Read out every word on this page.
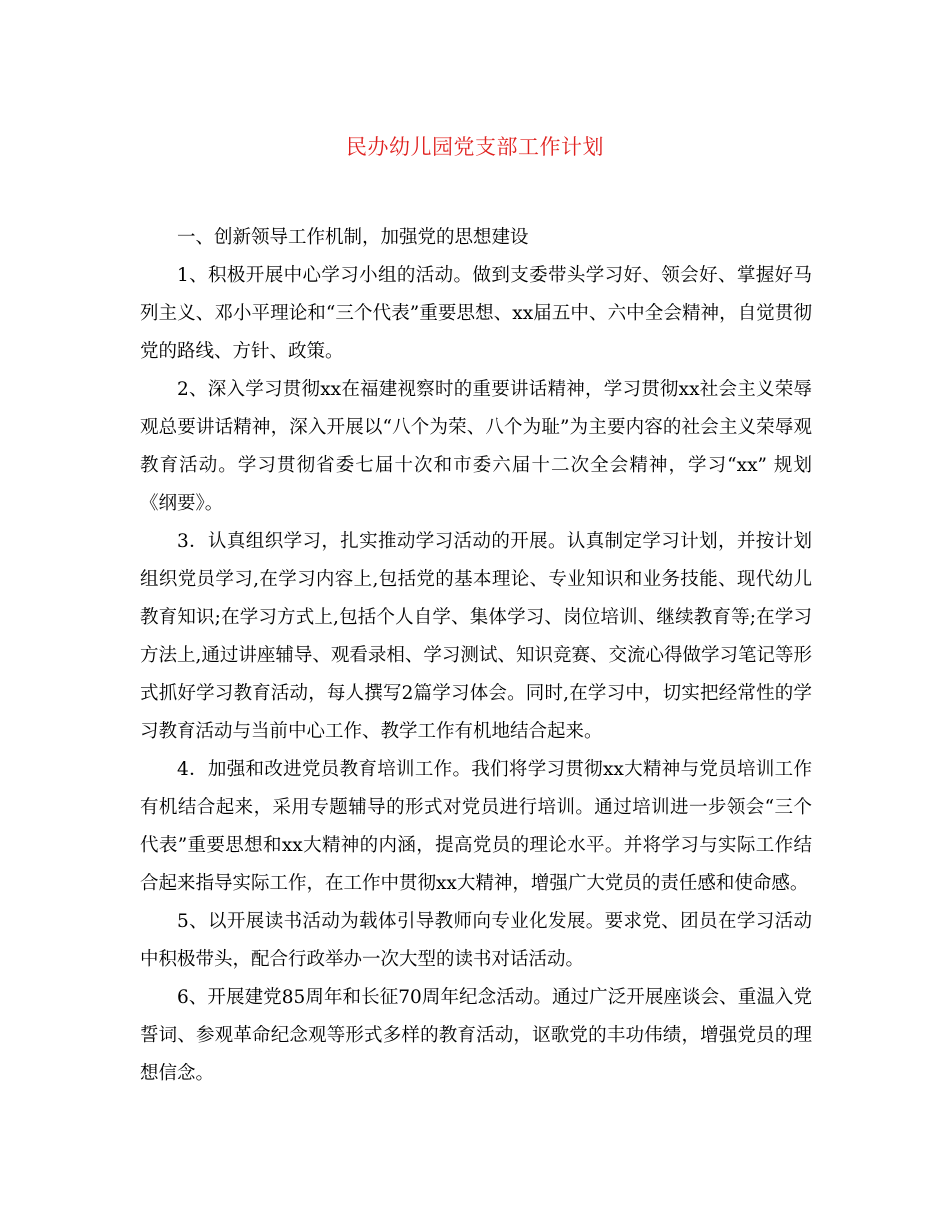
民办幼儿园党支部工作计划

一、创新领导工作机制，加强党的思想建设

1、积极开展中心学习小组的活动。做到支委带头学习好、领会好、掌握好马列主义、邓小平理论和“三个代表”重要思想、xx届五中、六中全会精神，自觉贯彻党的路线、方针、政策。

2、深入学习贯彻xx在福建视察时的重要讲话精神，学习贯彻xx社会主义荣辱观总要讲话精神，深入开展以“八个为荣、八个为耻”为主要内容的社会主义荣辱观教育活动。学习贯彻省委七届十次和市委六届十二次全会精神，学习“xx” 规划《纲要》。

3．认真组织学习，扎实推动学习活动的开展。认真制定学习计划，并按计划组织党员学习,在学习内容上,包括党的基本理论、专业知识和业务技能、现代幼儿教育知识;在学习方式上,包括个人自学、集体学习、岗位培训、继续教育等;在学习方法上,通过讲座辅导、观看录相、学习测试、知识竞赛、交流心得做学习笔记等形式抓好学习教育活动，每人撰写2篇学习体会。同时,在学习中，切实把经常性的学习教育活动与当前中心工作、教学工作有机地结合起来。

4．加强和改进党员教育培训工作。我们将学习贯彻xx大精神与党员培训工作有机结合起来，采用专题辅导的形式对党员进行培训。通过培训进一步领会“三个代表”重要思想和xx大精神的内涵，提高党员的理论水平。并将学习与实际工作结合起来指导实际工作，在工作中贯彻xx大精神，增强广大党员的责任感和使命感。

5、以开展读书活动为载体引导教师向专业化发展。要求党、团员在学习活动中积极带头，配合行政举办一次大型的读书对话活动。

6、开展建党85周年和长征70周年纪念活动。通过广泛开展座谈会、重温入党誓词、参观革命纪念观等形式多样的教育活动，讴歌党的丰功伟绩，增强党员的理想信念。
